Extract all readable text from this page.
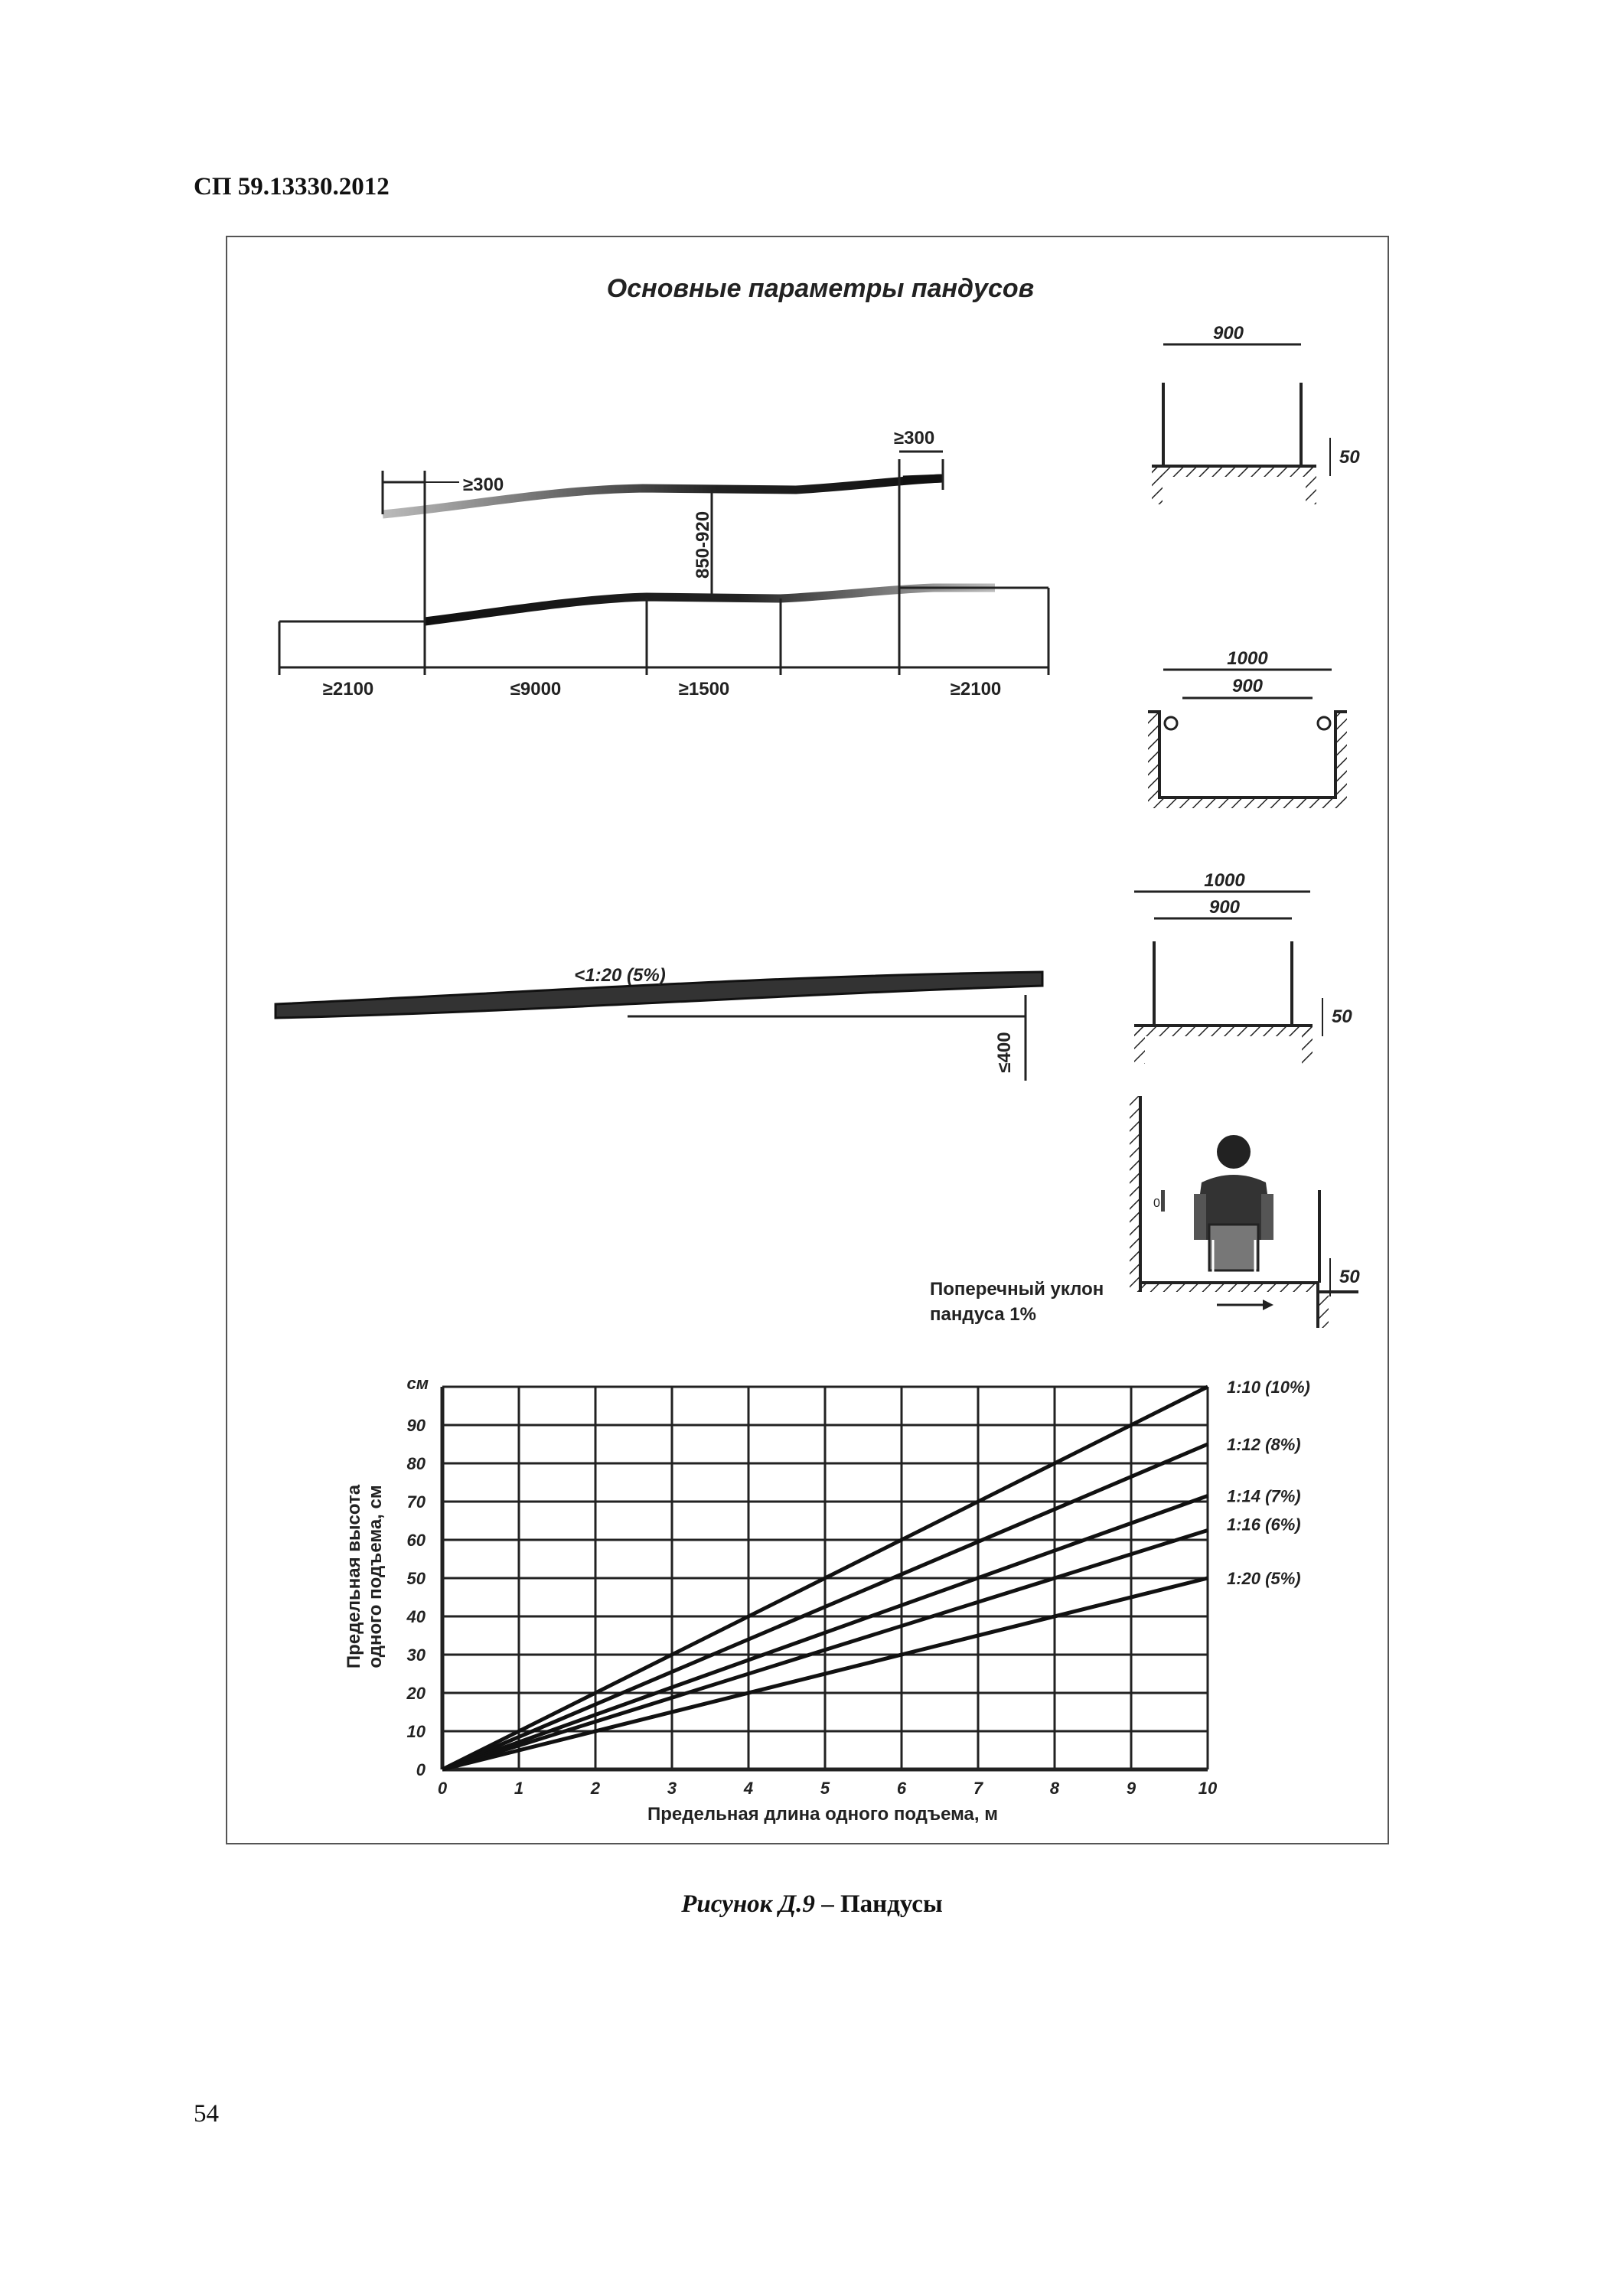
СП 59.13330.2012
Основные параметры пандусов
≥300
≥300
850-920
≥2100	≤9000	≥1500	≥2100
<1:20 (5%)
≤400
900
50
1000
900
1000
900
50
0
50
Поперечный уклон
пандуса 1%
0	1	2	3	4	5	6	7	8	9	10
0
10
20
30
40
50
60
70
80
90
1:10 (10%)
1:12 (8%)
1:14 (7%)
1:16 (6%)
1:20 (5%)
см
Предельная длина одного подъема, м
Предельная высота одного подъема, см
Рисунок Д.9 – Пандусы
54
